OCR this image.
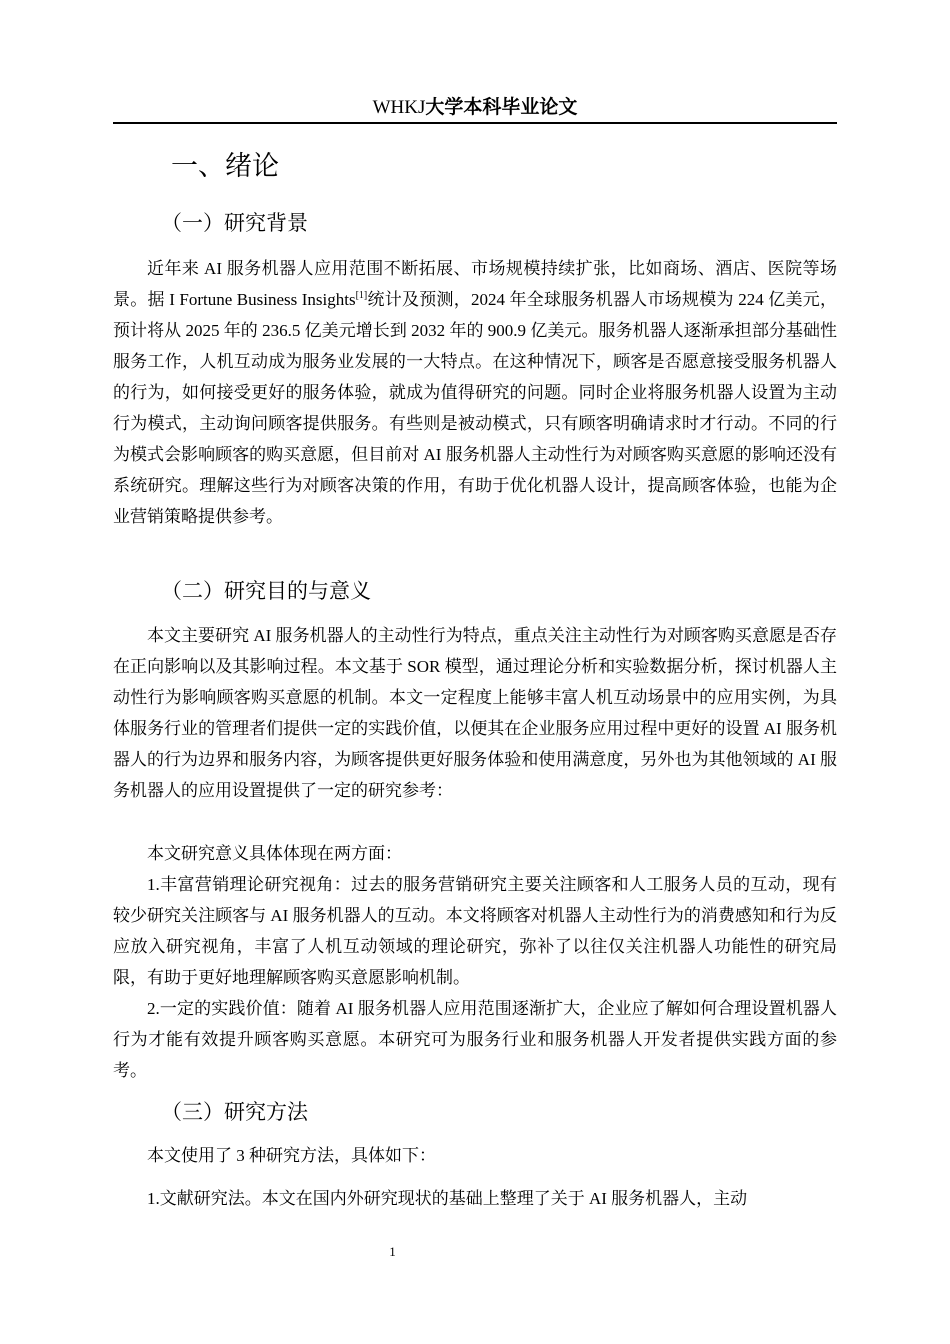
WHKJ大学本科毕业论文
一、绪论
（一）研究背景
近年来 AI 服务机器人应用范围不断拓展、市场规模持续扩张，比如商场、酒店、医院等场景。据 I Fortune Business Insights[1]统计及预测，2024 年全球服务机器人市场规模为 224 亿美元，预计将从 2025 年的 236.5 亿美元增长到 2032 年的 900.9 亿美元。服务机器人逐渐承担部分基础性服务工作，人机互动成为服务业发展的一大特点。在这种情况下，顾客是否愿意接受服务机器人的行为，如何接受更好的服务体验，就成为值得研究的问题。同时企业将服务机器人设置为主动行为模式，主动询问顾客提供服务。有些则是被动模式，只有顾客明确请求时才行动。不同的行为模式会影响顾客的购买意愿，但目前对 AI 服务机器人主动性行为对顾客购买意愿的影响还没有系统研究。理解这些行为对顾客决策的作用，有助于优化机器人设计，提高顾客体验，也能为企业营销策略提供参考。
（二）研究目的与意义
本文主要研究 AI 服务机器人的主动性行为特点，重点关注主动性行为对顾客购买意愿是否存在正向影响以及其影响过程。本文基于 SOR 模型，通过理论分析和实验数据分析，探讨机器人主动性行为影响顾客购买意愿的机制。本文一定程度上能够丰富人机互动场景中的应用实例，为具体服务行业的管理者们提供一定的实践价值，以便其在企业服务应用过程中更好的设置 AI 服务机器人的行为边界和服务内容，为顾客提供更好服务体验和使用满意度，另外也为其他领域的 AI 服务机器人的应用设置提供了一定的研究参考：
本文研究意义具体体现在两方面：
1.丰富营销理论研究视角：过去的服务营销研究主要关注顾客和人工服务人员的互动，现有较少研究关注顾客与 AI 服务机器人的互动。本文将顾客对机器人主动性行为的消费感知和行为反应放入研究视角，丰富了人机互动领域的理论研究，弥补了以往仅关注机器人功能性的研究局限，有助于更好地理解顾客购买意愿影响机制。
2.一定的实践价值：随着 AI 服务机器人应用范围逐渐扩大，企业应了解如何合理设置机器人行为才能有效提升顾客购买意愿。本研究可为服务行业和服务机器人开发者提供实践方面的参考。
（三）研究方法
本文使用了 3 种研究方法，具体如下：
1.文献研究法。本文在国内外研究现状的基础上整理了关于 AI 服务机器人，主动
1
